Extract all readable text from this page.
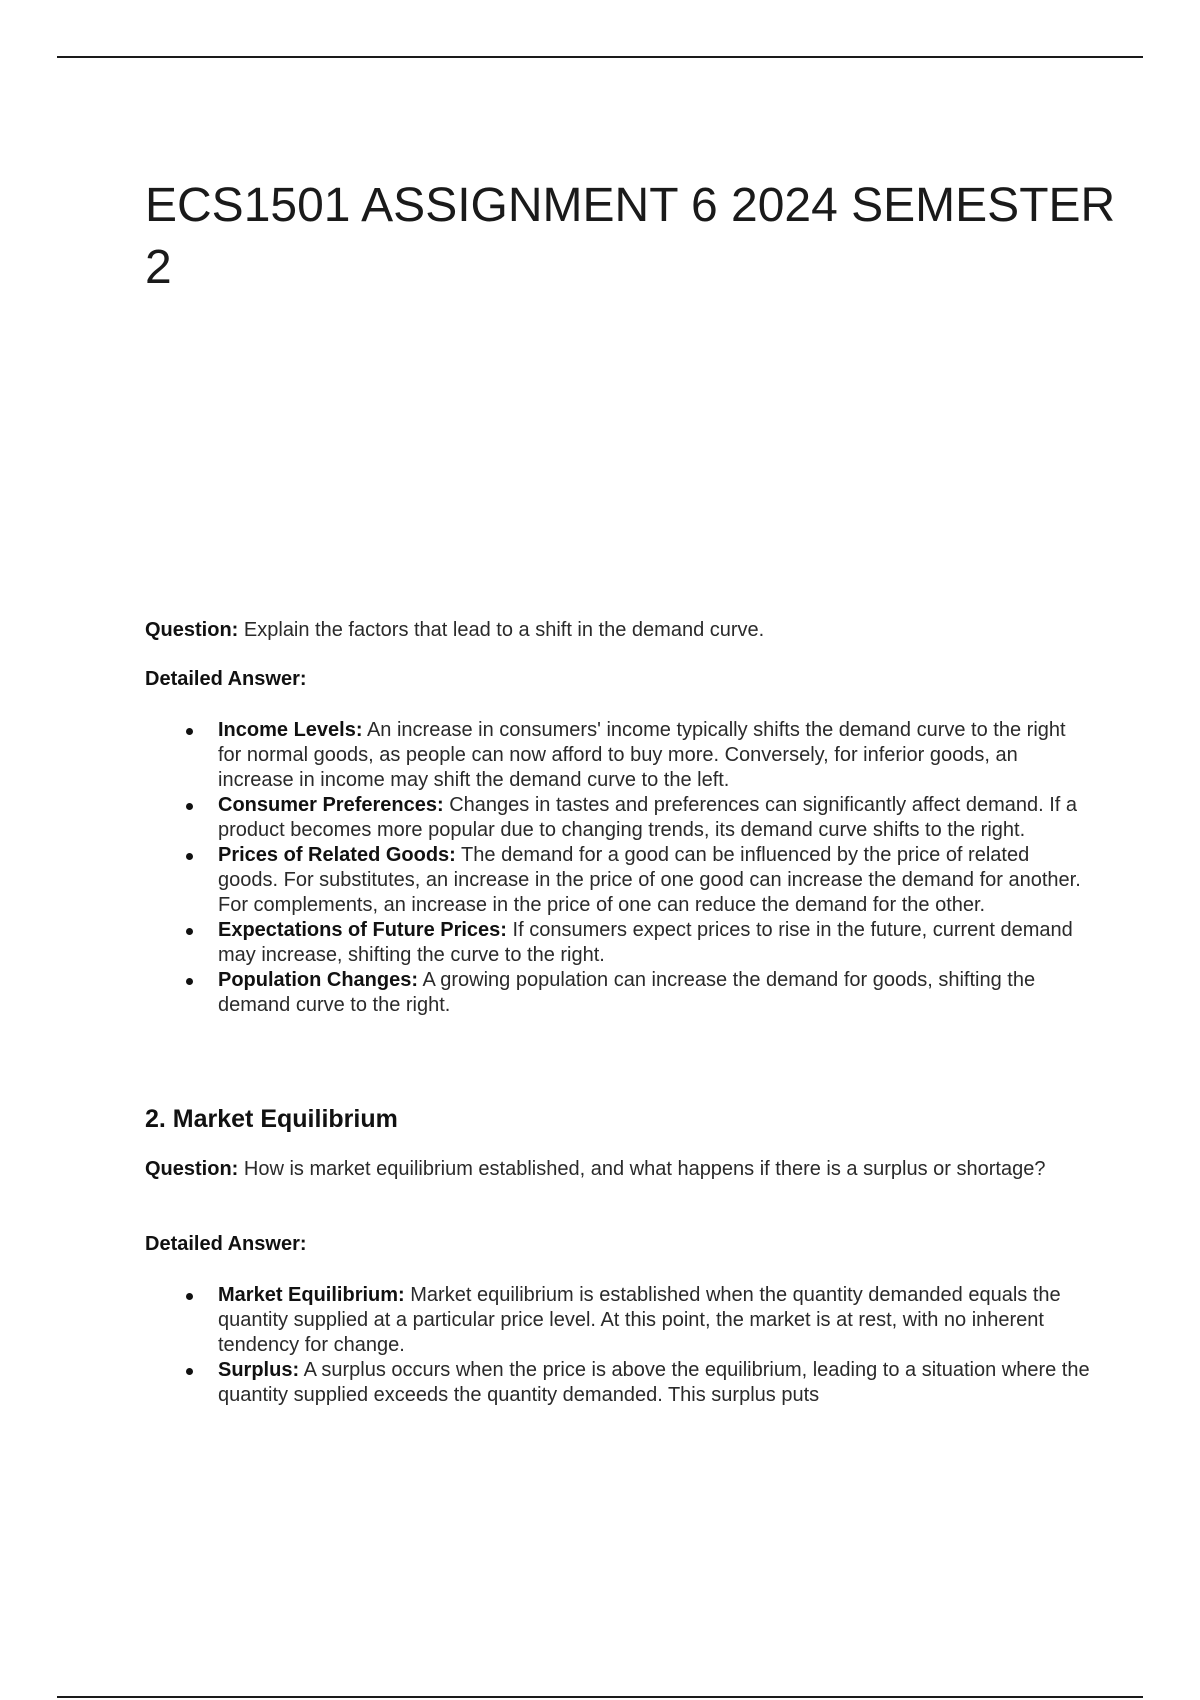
ECS1501 ASSIGNMENT 6 2024 SEMESTER 2

Question: Explain the factors that lead to a shift in the demand curve.

Detailed Answer:

Income Levels: An increase in consumers' income typically shifts the demand curve to the right for normal goods, as people can now afford to buy more. Conversely, for inferior goods, an increase in income may shift the demand curve to the left.
Consumer Preferences: Changes in tastes and preferences can significantly affect demand. If a product becomes more popular due to changing trends, its demand curve shifts to the right.
Prices of Related Goods: The demand for a good can be influenced by the price of related goods. For substitutes, an increase in the price of one good can increase the demand for another. For complements, an increase in the price of one can reduce the demand for the other.
Expectations of Future Prices: If consumers expect prices to rise in the future, current demand may increase, shifting the curve to the right.
Population Changes: A growing population can increase the demand for goods, shifting the demand curve to the right.
2. Market Equilibrium

Question: How is market equilibrium established, and what happens if there is a surplus or shortage?

Detailed Answer:

Market Equilibrium: Market equilibrium is established when the quantity demanded equals the quantity supplied at a particular price level. At this point, the market is at rest, with no inherent tendency for change.
Surplus: A surplus occurs when the price is above the equilibrium, leading to a situation where the quantity supplied exceeds the quantity demanded. This surplus puts
